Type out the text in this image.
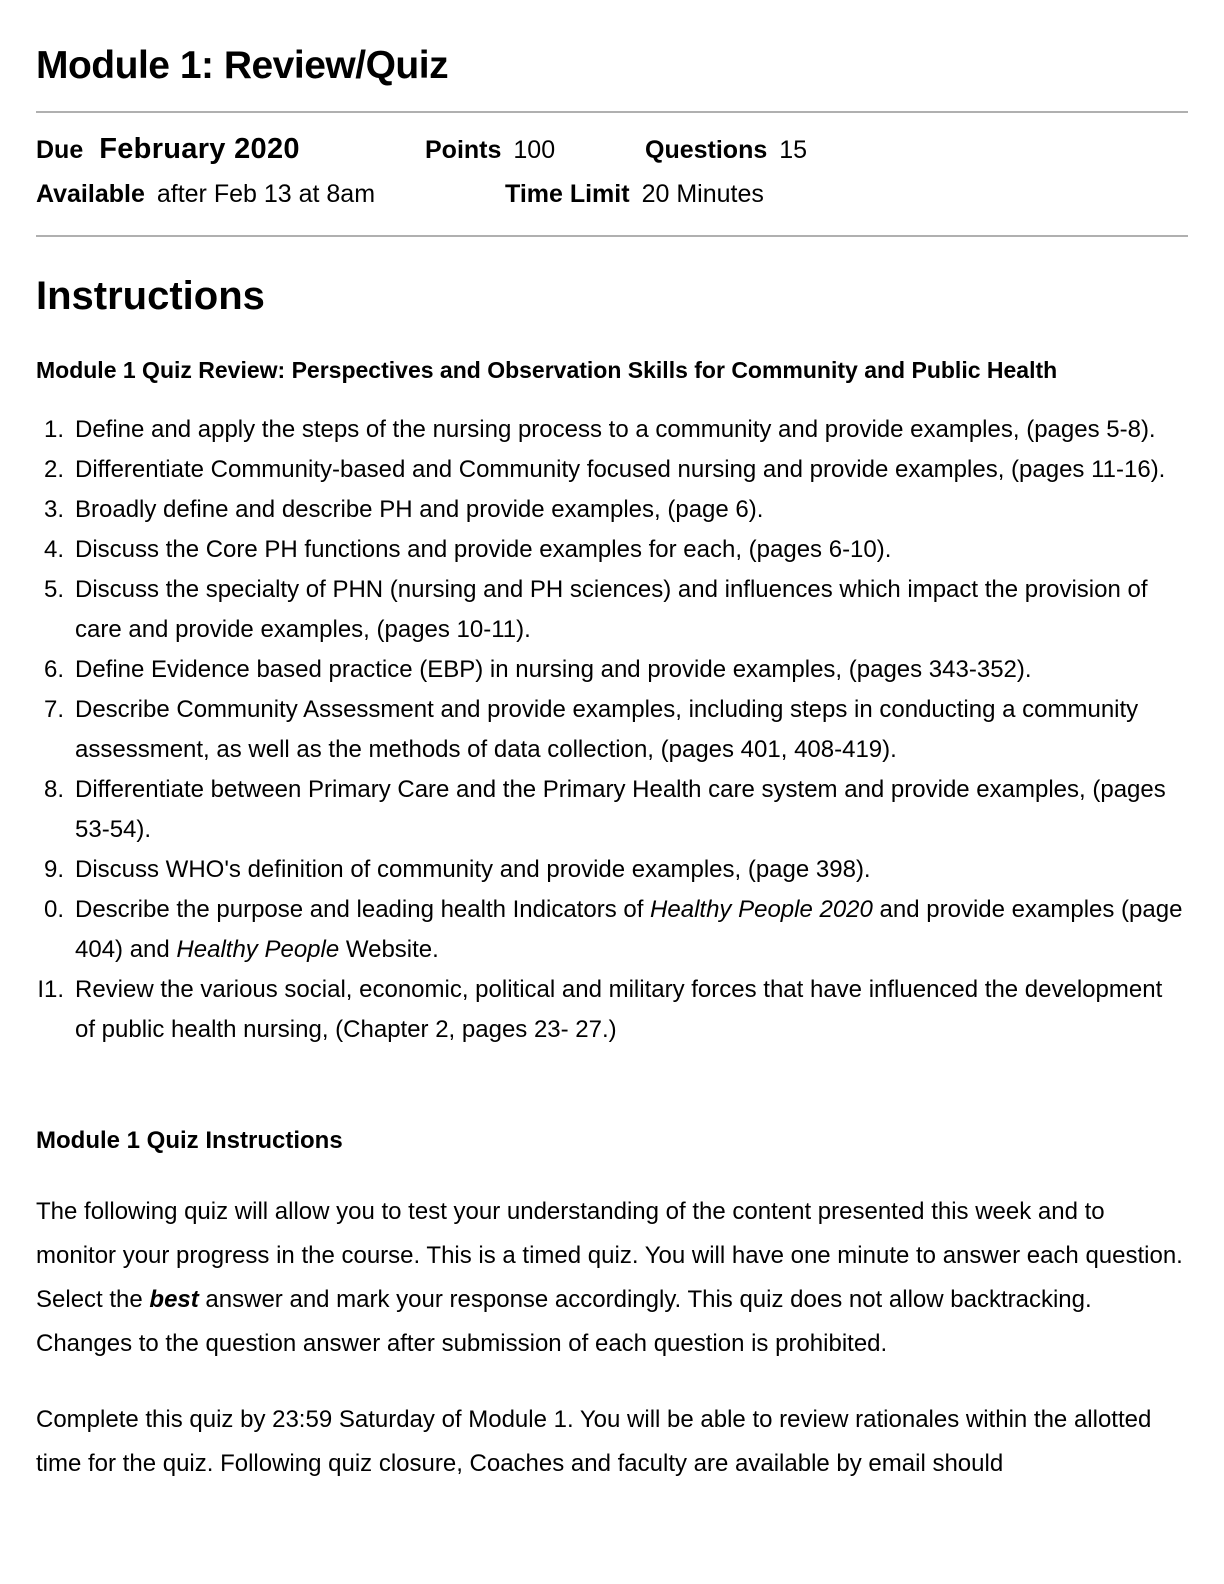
Module 1: Review/Quiz
Due February 2020	Points 100	Questions 15
Available after Feb 13 at 8am	Time Limit 20 Minutes
Instructions
Module 1 Quiz Review: Perspectives and Observation Skills for Community and Public Health
1. Define and apply the steps of the nursing process to a community and provide examples, (pages 5-8).
2. Differentiate Community-based and Community focused nursing and provide examples, (pages 11-16).
3. Broadly define and describe PH and provide examples, (page 6).
4. Discuss the Core PH functions and provide examples for each, (pages 6-10).
5. Discuss the specialty of PHN (nursing and PH sciences) and influences which impact the provision of care and provide examples, (pages 10-11).
6. Define Evidence based practice (EBP) in nursing and provide examples, (pages 343-352).
7. Describe Community Assessment and provide examples, including steps in conducting a community assessment, as well as the methods of data collection, (pages 401, 408-419).
8. Differentiate between Primary Care and the Primary Health care system and provide examples, (pages 53-54).
9. Discuss WHO's definition of community and provide examples, (page 398).
0. Describe the purpose and leading health Indicators of Healthy People 2020 and provide examples (page 404) and Healthy People Website.
I1. Review the various social, economic, political and military forces that have influenced the development of public health nursing, (Chapter 2, pages 23- 27.)
Module 1 Quiz Instructions

The following quiz will allow you to test your understanding of the content presented this week and to monitor your progress in the course. This is a timed quiz. You will have one minute to answer each question. Select the best answer and mark your response accordingly. This quiz does not allow backtracking. Changes to the question answer after submission of each question is prohibited.

Complete this quiz by 23:59 Saturday of Module 1. You will be able to review rationales within the allotted time for the quiz. Following quiz closure, Coaches and faculty are available by email should
